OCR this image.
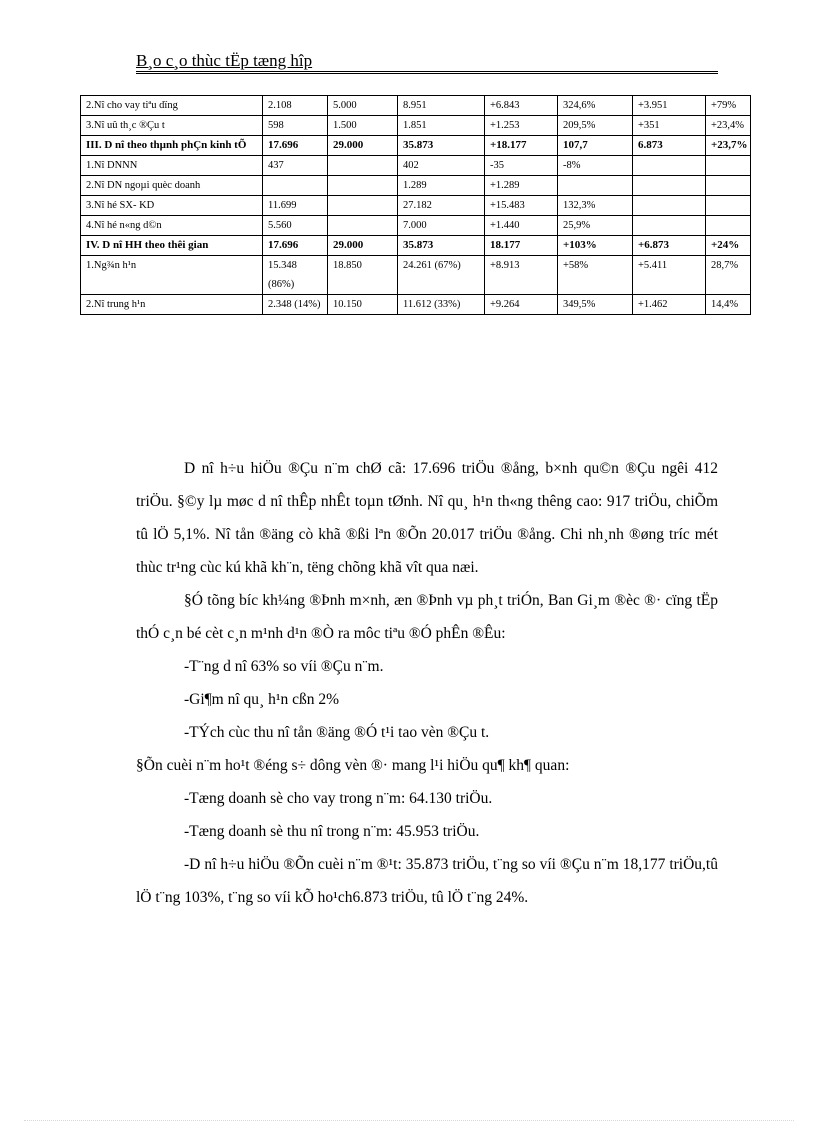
B¸o c¸o thùc tËp tæng hîp
2.Nî cho vay tiªu dïng	2.108	5.000	8.951	+6.843	324,6%	+3.951	+79%
3.Nî uû th¸c ®Çu t	598	1.500	1.851	+1.253	209,5%	+351	+23,4%
III. D nî theo thµnh phÇn kinh tÕ	17.696	29.000	35.873	+18.177	107,7	6.873	+23,7%
1.Nî DNNN	437		402	-35	-8%		
2.Nî DN ngoµi quèc doanh			1.289	+1.289			
3.Nî hé SX- KD	11.699		27.182	+15.483	132,3%		
4.Nî hé n«ng d©n	5.560		7.000	+1.440	25,9%		
IV. D nî HH theo thêi gian	17.696	29.000	35.873	18.177	+103%	+6.873	+24%
1.Ng¾n h¹n	15.348 (86%)	18.850	24.261 (67%)	+8.913	+58%	+5.411	28,7%
2.Nî trung h¹n	2.348 (14%)	10.150	11.612 (33%)	+9.264	349,5%	+1.462	14,4%

D nî h÷u hiÖu ®Çu n¨m chØ cã: 17.696 triÖu ®ång, b×nh qu©n ®Çu ngêi 412 triÖu. §©y lµ møc d nî thÊp nhÊt toµn tØnh. Nî qu¸ h¹n th«ng thêng cao: 917 triÖu, chiÕm tû lÖ 5,1%. Nî tån ®äng cò khã ®ßi lªn ®Õn 20.017 triÖu ®ång. Chi nh¸nh ®øng tríc mét thùc tr¹ng cùc kú khã kh¨n, tëng chõng khã vît qua næi.

§Ó tõng bíc kh¼ng ®Þnh m×nh, æn ®Þnh vµ ph¸t triÓn, Ban Gi¸m ®èc ®· cïng tËp thÓ c¸n bé cèt c¸n m¹nh d¹n ®Ò ra môc tiªu ®Ó phÊn ®Êu:

-T¨ng d nî 63% so víi ®Çu n¨m.

-Gi¶m nî qu¸ h¹n cßn 2%

-TÝch cùc thu nî tån ®äng ®Ó t¹i tao vèn ®Çu t.

§Õn cuèi n¨m ho¹t ®éng s÷ dông vèn ®· mang l¹i hiÖu qu¶ kh¶ quan:

-Tæng doanh sè cho vay trong n¨m: 64.130 triÖu.

-Tæng doanh sè thu nî trong n¨m: 45.953 triÖu.

-D nî h÷u hiÖu ®Õn cuèi n¨m ®¹t: 35.873 triÖu, t¨ng so víi ®Çu n¨m 18,177 triÖu,tû lÖ t¨ng 103%, t¨ng so víi kÕ ho¹ch6.873 triÖu, tû lÖ t¨ng 24%.
